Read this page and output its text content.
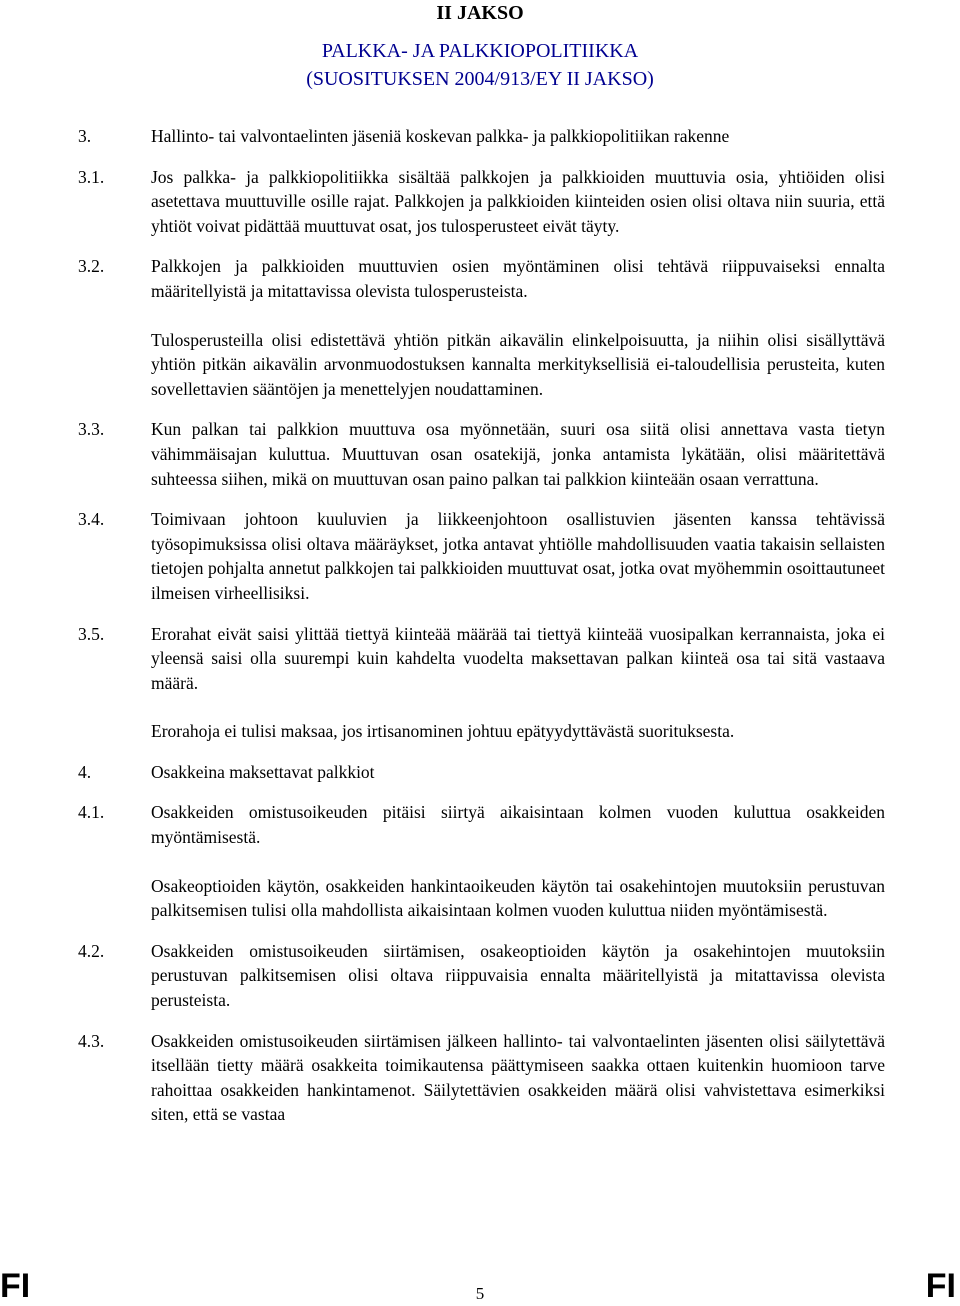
II JAKSO
PALKKA- JA PALKKIOPOLITIIKKA
(SUOSITUKSEN 2004/913/EY II JAKSO)
3.	Hallinto- tai valvontaelinten jäseniä koskevan palkka- ja palkkiopolitiikan rakenne
3.1.	Jos palkka- ja palkkiopolitiikka sisältää palkkojen ja palkkioiden muuttuvia osia, yhtiöiden olisi asetettava muuttuville osille rajat. Palkkojen ja palkkioiden kiinteiden osien olisi oltava niin suuria, että yhtiöt voivat pidättää muuttuvat osat, jos tulosperusteet eivät täyty.
3.2.	Palkkojen ja palkkioiden muuttuvien osien myöntäminen olisi tehtävä riippuvaiseksi ennalta määritellyistä ja mitattavissa olevista tulosperusteista.
Tulosperusteilla olisi edistettävä yhtiön pitkän aikavälin elinkelpoisuutta, ja niihin olisi sisällyttävä yhtiön pitkän aikavälin arvonmuodostuksen kannalta merkityksellisiä ei-taloudellisia perusteita, kuten sovellettavien sääntöjen ja menettelyjen noudattaminen.
3.3.	Kun palkan tai palkkion muuttuva osa myönnetään, suuri osa siitä olisi annettava vasta tietyn vähimmäisajan kuluttua. Muuttuvan osan osatekijä, jonka antamista lykätään, olisi määritettävä suhteessa siihen, mikä on muuttuvan osan paino palkan tai palkkion kiinteään osaan verrattuna.
3.4.	Toimivaan johtoon kuuluvien ja liikkeenjohtoon osallistuvien jäsenten kanssa tehtävissä työsopimuksissa olisi oltava määräykset, jotka antavat yhtiölle mahdollisuuden vaatia takaisin sellaisten tietojen pohjalta annetut palkkojen tai palkkioiden muuttuvat osat, jotka ovat myöhemmin osoittautuneet ilmeisen virheellisiksi.
3.5.	Erorahat eivät saisi ylittää tiettyä kiinteää määrää tai tiettyä kiinteää vuosipalkan kerrannaista, joka ei yleensä saisi olla suurempi kuin kahdelta vuodelta maksettavan palkan kiinteä osa tai sitä vastaava määrä.
Erorahoja ei tulisi maksaa, jos irtisanominen johtuu epätyydyttävästä suorituksesta.
4.	Osakkeina maksettavat palkkiot
4.1.	Osakkeiden omistusoikeuden pitäisi siirtyä aikaisintaan kolmen vuoden kuluttua osakkeiden myöntämisestä.
Osakeoptioiden käytön, osakkeiden hankintaoikeuden käytön tai osakehintojen muutoksiin perustuvan palkitsemisen tulisi olla mahdollista aikaisintaan kolmen vuoden kuluttua niiden myöntämisestä.
4.2.	Osakkeiden omistusoikeuden siirtämisen, osakeoptioiden käytön ja osakehintojen muutoksiin perustuvan palkitsemisen olisi oltava riippuvaisia ennalta määritellyistä ja mitattavissa olevista perusteista.
4.3.	Osakkeiden omistusoikeuden siirtämisen jälkeen hallinto- tai valvontaelinten jäsenten olisi säilytettävä itsellään tietty määrä osakkeita toimikautensa päättymiseen saakka ottaen kuitenkin huomioon tarve rahoittaa osakkeiden hankintamenot. Säilytettävien osakkeiden määrä olisi vahvistettava esimerkiksi siten, että se vastaa
FI	5	FI
